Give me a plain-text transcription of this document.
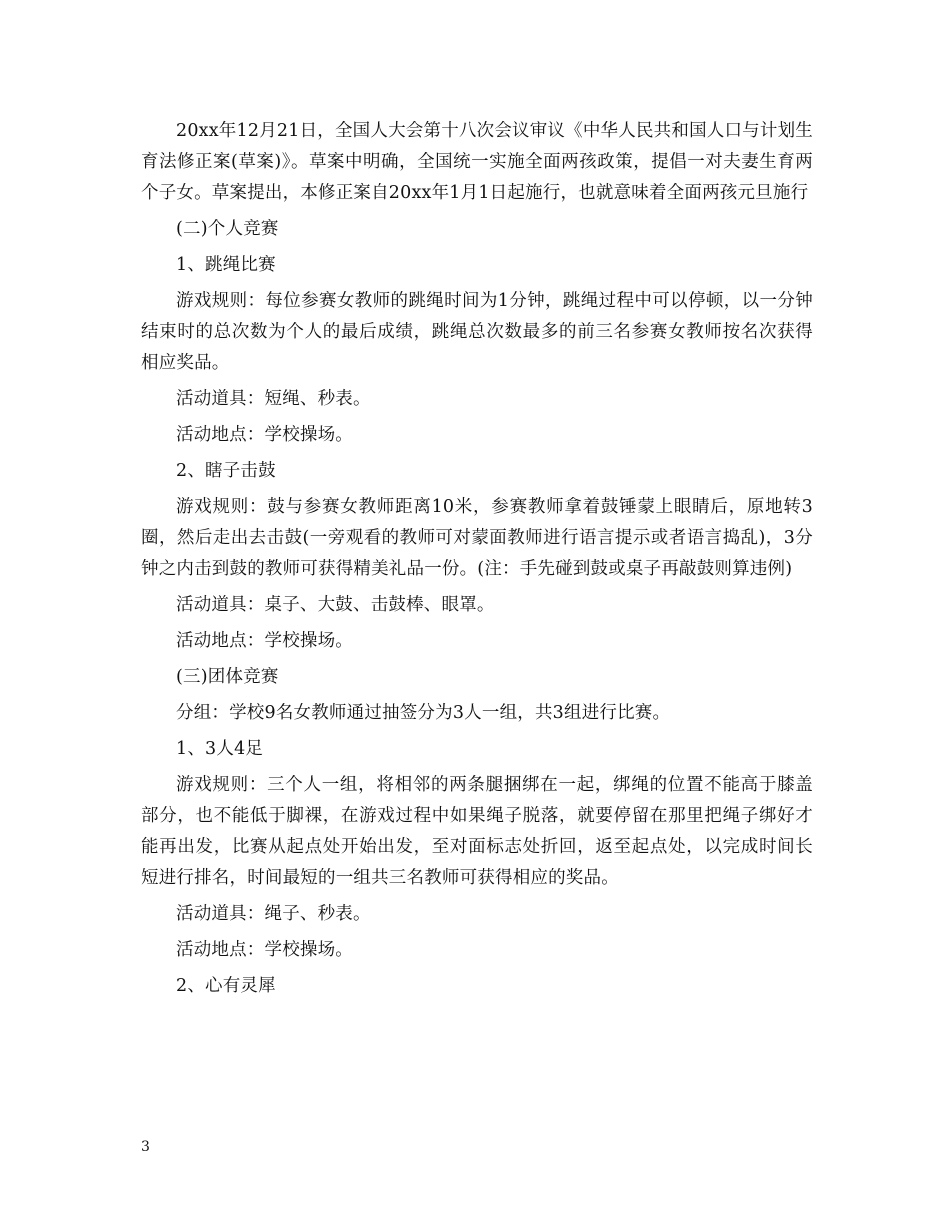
20xx年12月21日，全国人大会第十八次会议审议《中华人民共和国人口与计划生育法修正案(草案)》。草案中明确，全国统一实施全面两孩政策，提倡一对夫妻生育两个子女。草案提出，本修正案自20xx年1月1日起施行，也就意味着全面两孩元旦施行

(二)个人竞赛

1、跳绳比赛

游戏规则：每位参赛女教师的跳绳时间为1分钟，跳绳过程中可以停顿，以一分钟结束时的总次数为个人的最后成绩，跳绳总次数最多的前三名参赛女教师按名次获得相应奖品。

活动道具：短绳、秒表。

活动地点：学校操场。

2、瞎子击鼓

游戏规则：鼓与参赛女教师距离10米，参赛教师拿着鼓锤蒙上眼睛后，原地转3圈，然后走出去击鼓(一旁观看的教师可对蒙面教师进行语言提示或者语言捣乱)，3分钟之内击到鼓的教师可获得精美礼品一份。(注：手先碰到鼓或桌子再敲鼓则算违例)

活动道具：桌子、大鼓、击鼓棒、眼罩。

活动地点：学校操场。

(三)团体竞赛

分组：学校9名女教师通过抽签分为3人一组，共3组进行比赛。

1、3人4足

游戏规则：三个人一组，将相邻的两条腿捆绑在一起，绑绳的位置不能高于膝盖部分，也不能低于脚裸，在游戏过程中如果绳子脱落，就要停留在那里把绳子绑好才能再出发，比赛从起点处开始出发，至对面标志处折回，返至起点处，以完成时间长短进行排名，时间最短的一组共三名教师可获得相应的奖品。

活动道具：绳子、秒表。

活动地点：学校操场。

2、心有灵犀

3
